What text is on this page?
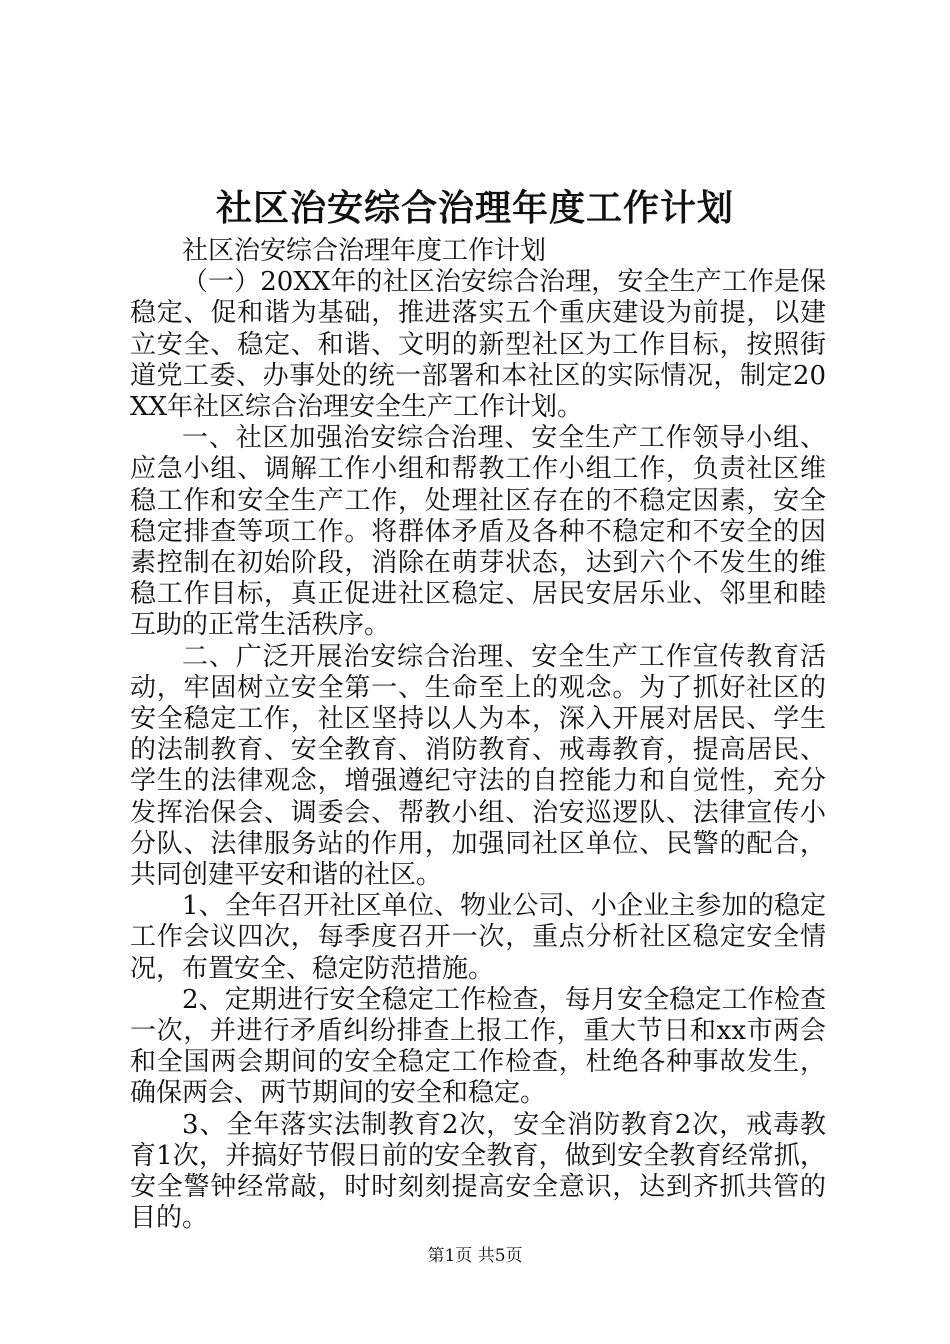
社区治安综合治理年度工作计划

社区治安综合治理年度工作计划

（一）20XX年的社区治安综合治理，安全生产工作是保稳定、促和谐为基础，推进落实五个重庆建设为前提，以建立安全、稳定、和谐、文明的新型社区为工作目标，按照街道党工委、办事处的统一部署和本社区的实际情况，制定20XX年社区综合治理安全生产工作计划。

一、社区加强治安综合治理、安全生产工作领导小组、应急小组、调解工作小组和帮教工作小组工作，负责社区维稳工作和安全生产工作，处理社区存在的不稳定因素，安全稳定排查等项工作。将群体矛盾及各种不稳定和不安全的因素控制在初始阶段，消除在萌芽状态，达到六个不发生的维稳工作目标，真正促进社区稳定、居民安居乐业、邻里和睦互助的正常生活秩序。

二、广泛开展治安综合治理、安全生产工作宣传教育活动，牢固树立安全第一、生命至上的观念。为了抓好社区的安全稳定工作，社区坚持以人为本，深入开展对居民、学生的法制教育、安全教育、消防教育、戒毒教育，提高居民、学生的法律观念，增强遵纪守法的自控能力和自觉性，充分发挥治保会、调委会、帮教小组、治安巡逻队、法律宣传小分队、法律服务站的作用，加强同社区单位、民警的配合，共同创建平安和谐的社区。

1、全年召开社区单位、物业公司、小企业主参加的稳定工作会议四次，每季度召开一次，重点分析社区稳定安全情况，布置安全、稳定防范措施。

2、定期进行安全稳定工作检查，每月安全稳定工作检查一次，并进行矛盾纠纷排查上报工作，重大节日和xx市两会和全国两会期间的安全稳定工作检查，杜绝各种事故发生，确保两会、两节期间的安全和稳定。

3、全年落实法制教育2次，安全消防教育2次，戒毒教育1次，并搞好节假日前的安全教育，做到安全教育经常抓，安全警钟经常敲，时时刻刻提高安全意识，达到齐抓共管的目的。

第1页 共5页
